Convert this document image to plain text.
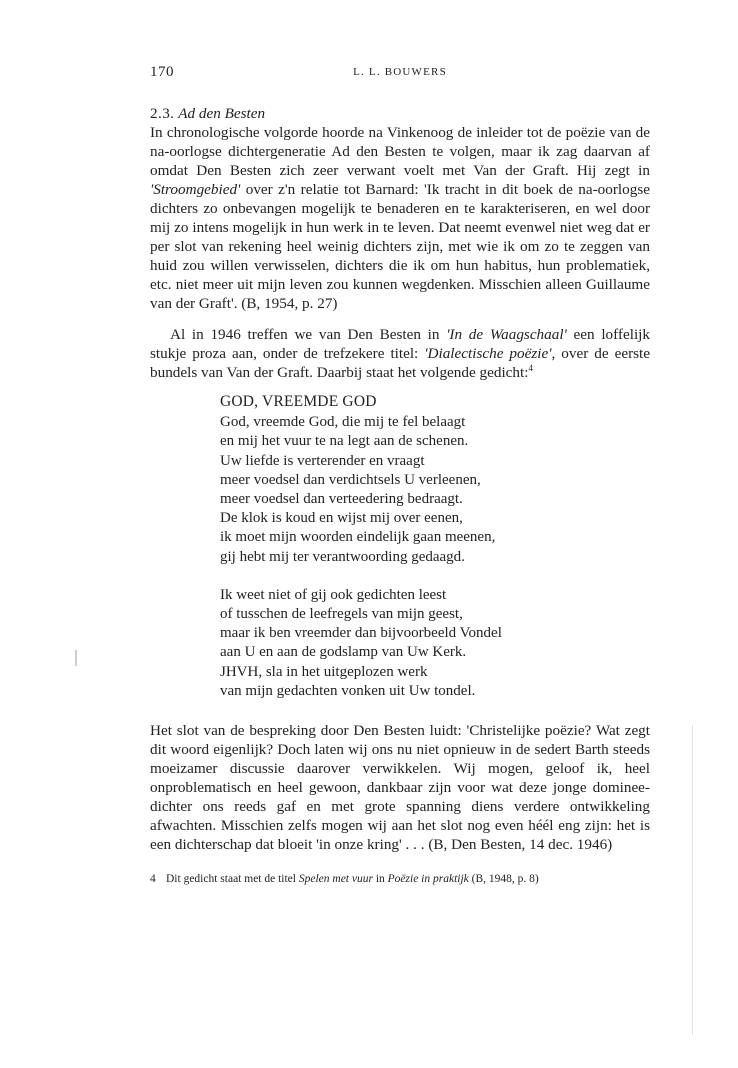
170	L. L. BOUWERS

2.3. Ad den Besten

In chronologische volgorde hoorde na Vinkenoog de inleider tot de poëzie van de na-oorlogse dichtergeneratie Ad den Besten te volgen, maar ik zag daarvan af omdat Den Besten zich zeer verwant voelt met Van der Graft. Hij zegt in 'Stroomgebied' over z'n relatie tot Barnard: 'Ik tracht in dit boek de na-oorlogse dichters zo onbevangen mogelijk te benaderen en te karakteriseren, en wel door mij zo intens mogelijk in hun werk in te leven. Dat neemt evenwel niet weg dat er per slot van rekening heel weinig dichters zijn, met wie ik om zo te zeggen van huid zou willen verwisselen, dichters die ik om hun habitus, hun problematiek, etc. niet meer uit mijn leven zou kunnen wegdenken. Misschien alleen Guillaume van der Graft'. (B, 1954, p. 27)

Al in 1946 treffen we van Den Besten in 'In de Waagschaal' een loffelijk stukje proza aan, onder de trefzekere titel: 'Dialectische poëzie', over de eerste bundels van Van der Graft. Daarbij staat het volgende gedicht:$^4$

GOD, VREEMDE GOD
God, vreemde God, die mij te fel belaagt
en mij het vuur te na legt aan de schenen.
Uw liefde is verterender en vraagt
meer voedsel dan verdichtsels U verleenen,
meer voedsel dan verteedering bedraagt.
De klok is koud en wijst mij over eenen,
ik moet mijn woorden eindelijk gaan meenen,
gij hebt mij ter verantwoording gedaagd.
Ik weet niet of gij ook gedichten leest
of tusschen de leefregels van mijn geest,
maar ik ben vreemder dan bijvoorbeeld Vondel
aan U en aan de godslamp van Uw Kerk.
JHVH, sla in het uitgeplozen werk
van mijn gedachten vonken uit Uw tondel.

Het slot van de bespreking door Den Besten luidt: 'Christelijke poëzie? Wat zegt dit woord eigenlijk? Doch laten wij ons nu niet opnieuw in de sedert Barth steeds moeizamer discussie daarover verwikkelen. Wij mogen, geloof ik, heel onproblematisch en heel gewoon, dankbaar zijn voor wat deze jonge dominee-dichter ons reeds gaf en met grote spanning diens verdere ontwikkeling afwachten. Misschien zelfs mogen wij aan het slot nog even héél eng zijn: het is een dichterschap dat bloeit 'in onze kring' . . . (B, Den Besten, 14 dec. 1946)

4 Dit gedicht staat met de titel Spelen met vuur in Poëzie in praktijk (B, 1948, p. 8)
